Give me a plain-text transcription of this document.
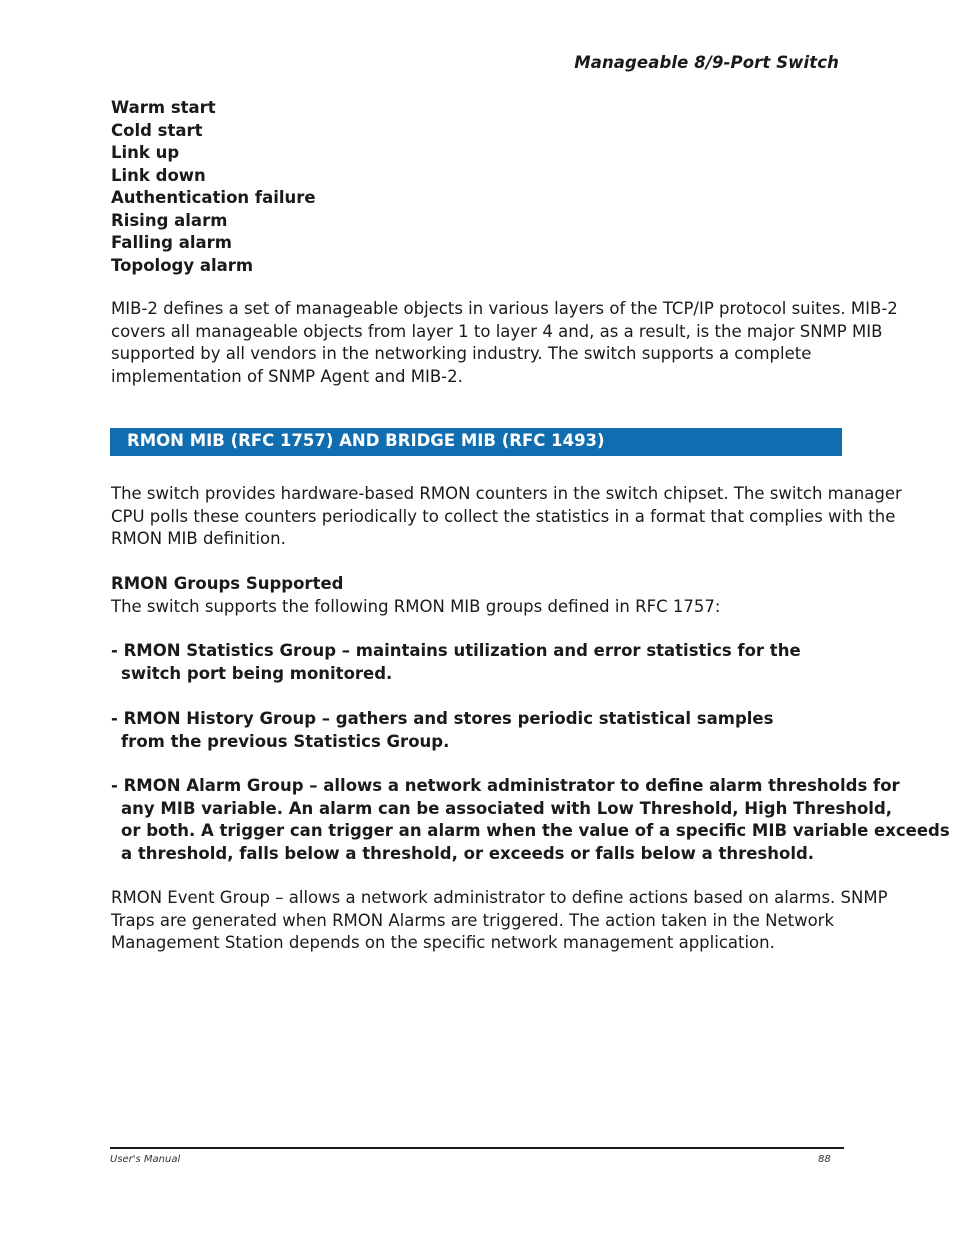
Manageable 8/9-Port Switch
Warm start
Cold start
Link up
Link down
Authentication failure
Rising alarm
Falling alarm
Topology alarm
MIB-2 defines a set of manageable objects in various layers of the TCP/IP protocol suites. MIB-2
covers all manageable objects from layer 1 to layer 4 and, as a result, is the major SNMP MIB
supported by all vendors in the networking industry. The switch supports a complete
implementation of SNMP Agent and MIB-2.
RMON MIB (RFC 1757) AND BRIDGE MIB (RFC 1493)
The switch provides hardware-based RMON counters in the switch chipset. The switch manager
CPU polls these counters periodically to collect the statistics in a format that complies with the
RMON MIB definition.
RMON Groups Supported
The switch supports the following RMON MIB groups defined in RFC 1757:
- RMON Statistics Group – maintains utilization and error statistics for the
switch port being monitored.
- RMON History Group – gathers and stores periodic statistical samples
from the previous Statistics Group.
- RMON Alarm Group – allows a network administrator to define alarm thresholds for
any MIB variable. An alarm can be associated with Low Threshold, High Threshold,
or both. A trigger can trigger an alarm when the value of a specific MIB variable exceeds
a threshold, falls below a threshold, or exceeds or falls below a threshold.
RMON Event Group – allows a network administrator to define actions based on alarms. SNMP
Traps are generated when RMON Alarms are triggered. The action taken in the Network
Management Station depends on the specific network management application.
User's Manual	88
